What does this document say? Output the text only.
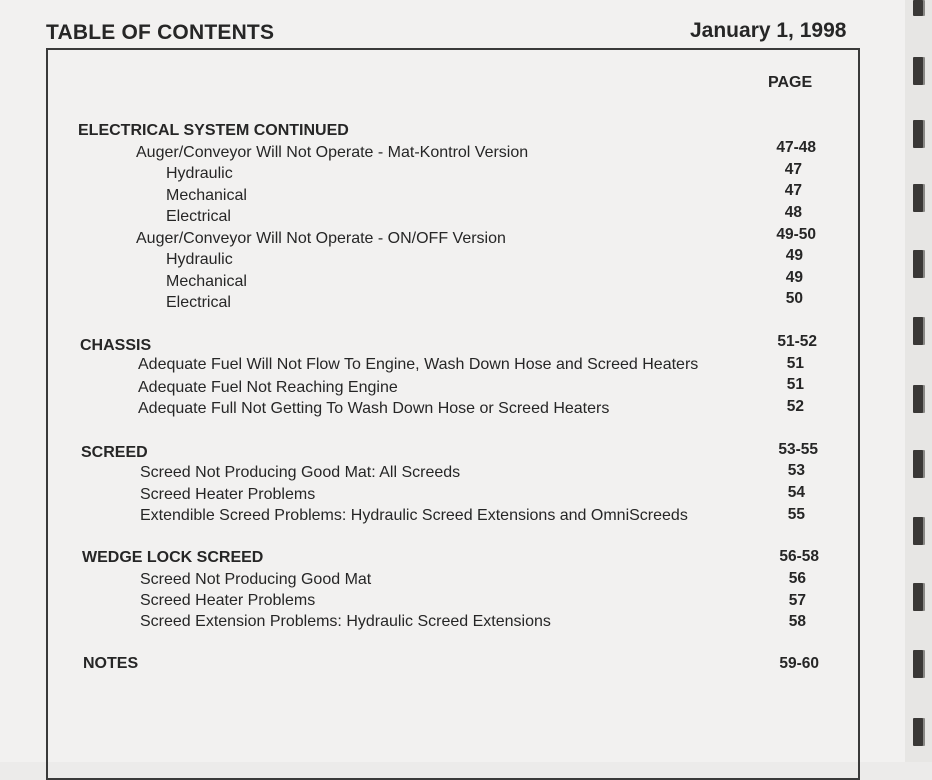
TABLE OF CONTENTS	January 1, 1998
PAGE
ELECTRICAL SYSTEM CONTINUED
Auger/Conveyor Will Not Operate - Mat-Kontrol Version	47-48
Hydraulic	47
Mechanical	47
Electrical	48
Auger/Conveyor Will Not Operate - ON/OFF Version	49-50
Hydraulic	49
Mechanical	49
Electrical	50
CHASSIS	51-52
Adequate Fuel Will Not Flow To Engine, Wash Down Hose and Screed Heaters	51
Adequate Fuel Not Reaching Engine	51
Adequate Full Not Getting To Wash Down Hose or Screed Heaters	52
SCREED	53-55
Screed Not Producing Good Mat: All Screeds	53
Screed Heater Problems	54
Extendible Screed Problems: Hydraulic Screed Extensions and OmniScreeds	55
WEDGE LOCK SCREED	56-58
Screed Not Producing Good Mat	56
Screed Heater Problems	57
Screed Extension Problems: Hydraulic Screed Extensions	58
NOTES	59-60
